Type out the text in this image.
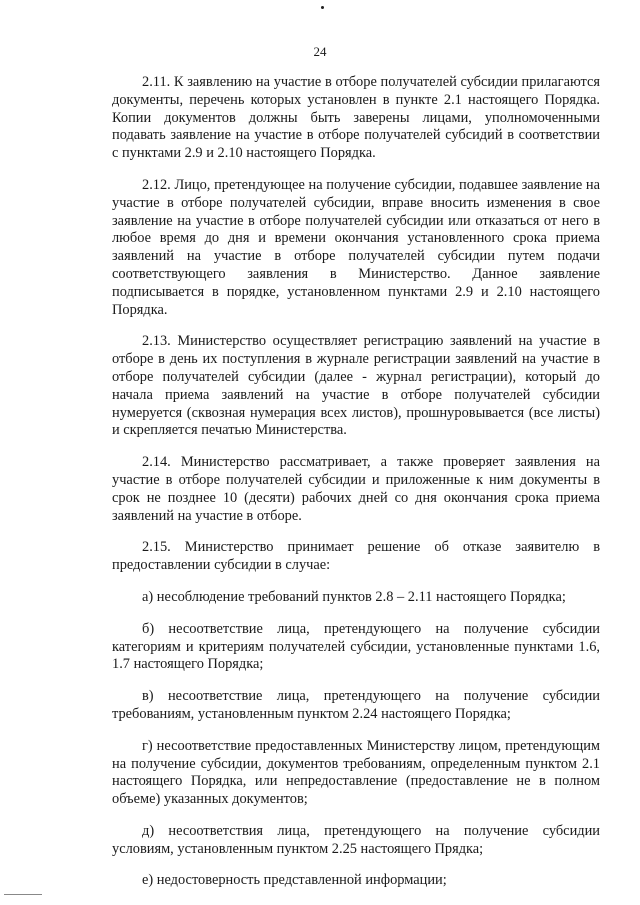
24

2.11. К заявлению на участие в отборе получателей субсидии прилагаются документы, перечень которых установлен в пункте 2.1 настоящего Порядка. Копии документов должны быть заверены лицами, уполномоченными подавать заявление на участие в отборе получателей субсидий в соответствии с пунктами 2.9 и 2.10 настоящего Порядка.

2.12. Лицо, претендующее на получение субсидии, подавшее заявление на участие в отборе получателей субсидии, вправе вносить изменения в свое заявление на участие в отборе получателей субсидии или отказаться от него в любое время до дня и времени окончания установленного срока приема заявлений на участие в отборе получателей субсидии путем подачи соответствующего заявления в Министерство. Данное заявление подписывается в порядке, установленном пунктами 2.9 и 2.10 настоящего Порядка.

2.13. Министерство осуществляет регистрацию заявлений на участие в отборе в день их поступления в журнале регистрации заявлений на участие в отборе получателей субсидии (далее - журнал регистрации), который до начала приема заявлений на участие в отборе получателей субсидии нумеруется (сквозная нумерация всех листов), прошнуровывается (все листы) и скрепляется печатью Министерства.

2.14. Министерство рассматривает, а также проверяет заявления на участие в отборе получателей субсидии и приложенные к ним документы в срок не позднее 10 (десяти) рабочих дней со дня окончания срока приема заявлений на участие в отборе.

2.15. Министерство принимает решение об отказе заявителю в предоставлении субсидии в случае:

а) несоблюдение требований пунктов 2.8 – 2.11 настоящего Порядка;

б) несоответствие лица, претендующего на получение субсидии категориям и критериям получателей субсидии, установленные пунктами 1.6, 1.7 настоящего Порядка;

в) несоответствие лица, претендующего на получение субсидии требованиям, установленным пунктом 2.24 настоящего Порядка;

г) несоответствие предоставленных Министерству лицом, претендующим на получение субсидии, документов требованиям, определенным пунктом 2.1 настоящего Порядка, или непредоставление (предоставление не в полном объеме) указанных документов;

д) несоответствия лица, претендующего на получение субсидии условиям, установленным пунктом 2.25 настоящего Прядка;

е) недостоверность представленной информации;
